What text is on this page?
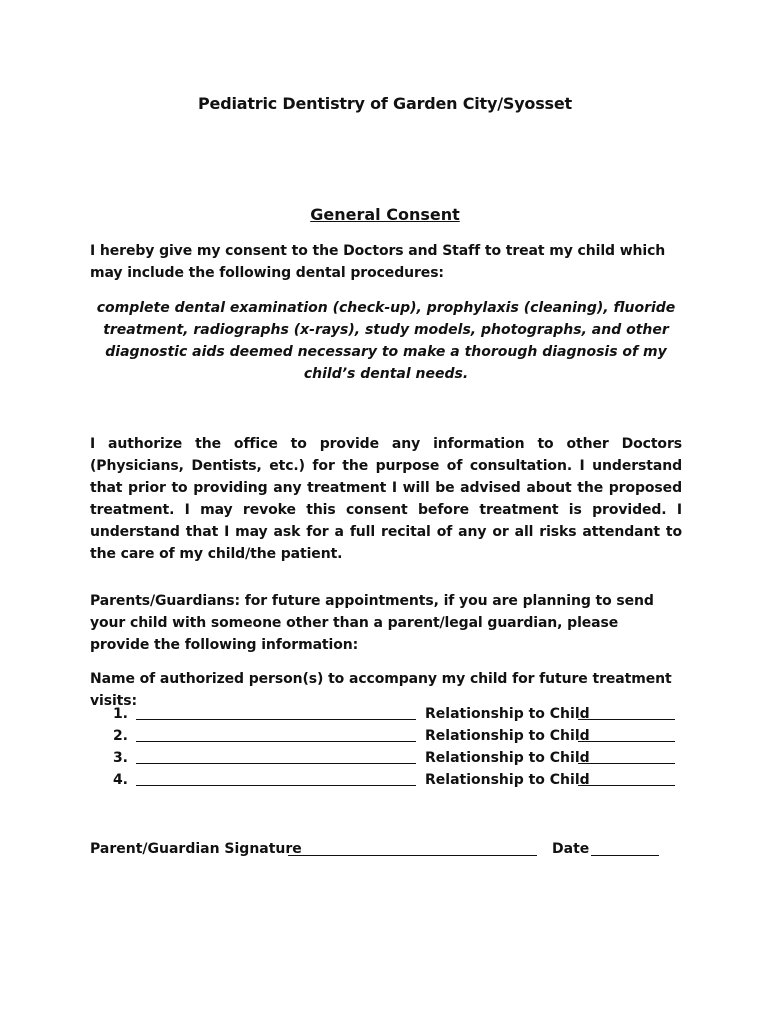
Pediatric Dentistry of Garden City/Syosset
General Consent
I hereby give my consent to the Doctors and Staff to treat my child which may include the following dental procedures:
complete dental examination (check-up), prophylaxis (cleaning), fluoride treatment, radiographs (x-rays), study models, photographs, and other diagnostic aids deemed necessary to make a thorough diagnosis of my child’s dental needs.
I authorize the office to provide any information to other Doctors (Physicians, Dentists, etc.) for the purpose of consultation. I understand that prior to providing any treatment I will be advised about the proposed treatment. I may revoke this consent before treatment is provided. I understand that I may ask for a full recital of any or all risks attendant to the care of my child/the patient.
Parents/Guardians: for future appointments, if you are planning to send your child with someone other than a parent/legal guardian, please provide the following information:
Name of authorized person(s) to accompany my child for future treatment visits:
1.	Relationship to Child
2.	Relationship to Child
3.	Relationship to Child
4.	Relationship to Child
Parent/Guardian Signature	Date
